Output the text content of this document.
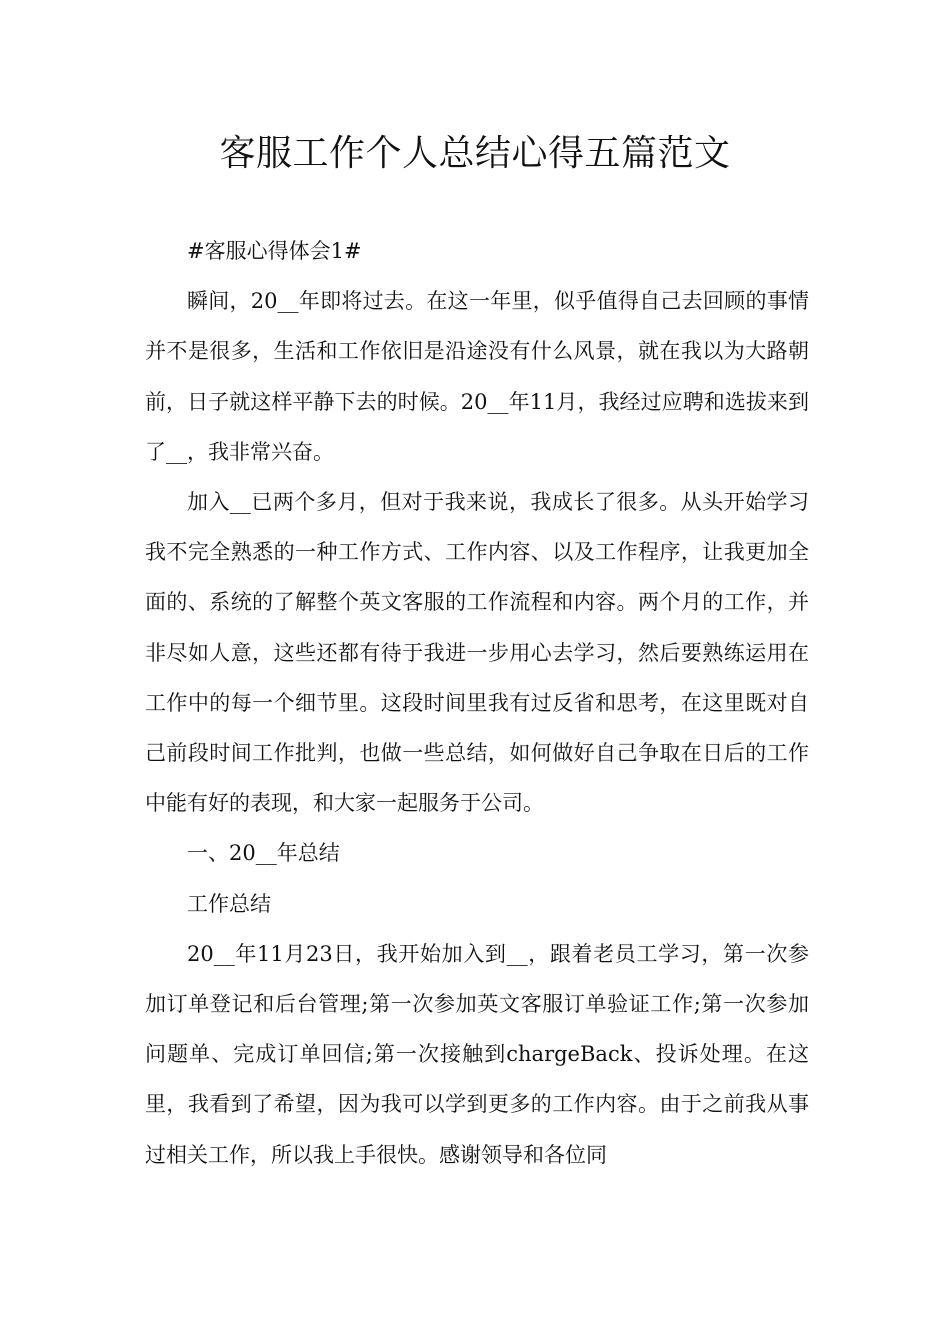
客服工作个人总结心得五篇范文

#客服心得体会1#

瞬间，20__年即将过去。在这一年里，似乎值得自己去回顾的事情并不是很多，生活和工作依旧是沿途没有什么风景，就在我以为大路朝前，日子就这样平静下去的时候。20__年11月，我经过应聘和选拔来到了__，我非常兴奋。

加入__已两个多月，但对于我来说，我成长了很多。从头开始学习我不完全熟悉的一种工作方式、工作内容、以及工作程序，让我更加全面的、系统的了解整个英文客服的工作流程和内容。两个月的工作，并非尽如人意，这些还都有待于我进一步用心去学习，然后要熟练运用在工作中的每一个细节里。这段时间里我有过反省和思考，在这里既对自己前段时间工作批判，也做一些总结，如何做好自己争取在日后的工作中能有好的表现，和大家一起服务于公司。

一、20__年总结

工作总结

20__年11月23日，我开始加入到__，跟着老员工学习，第一次参加订单登记和后台管理;第一次参加英文客服订单验证工作;第一次参加问题单、完成订单回信;第一次接触到chargeBack、投诉处理。在这里，我看到了希望，因为我可以学到更多的工作内容。由于之前我从事过相关工作，所以我上手很快。感谢领导和各位同
